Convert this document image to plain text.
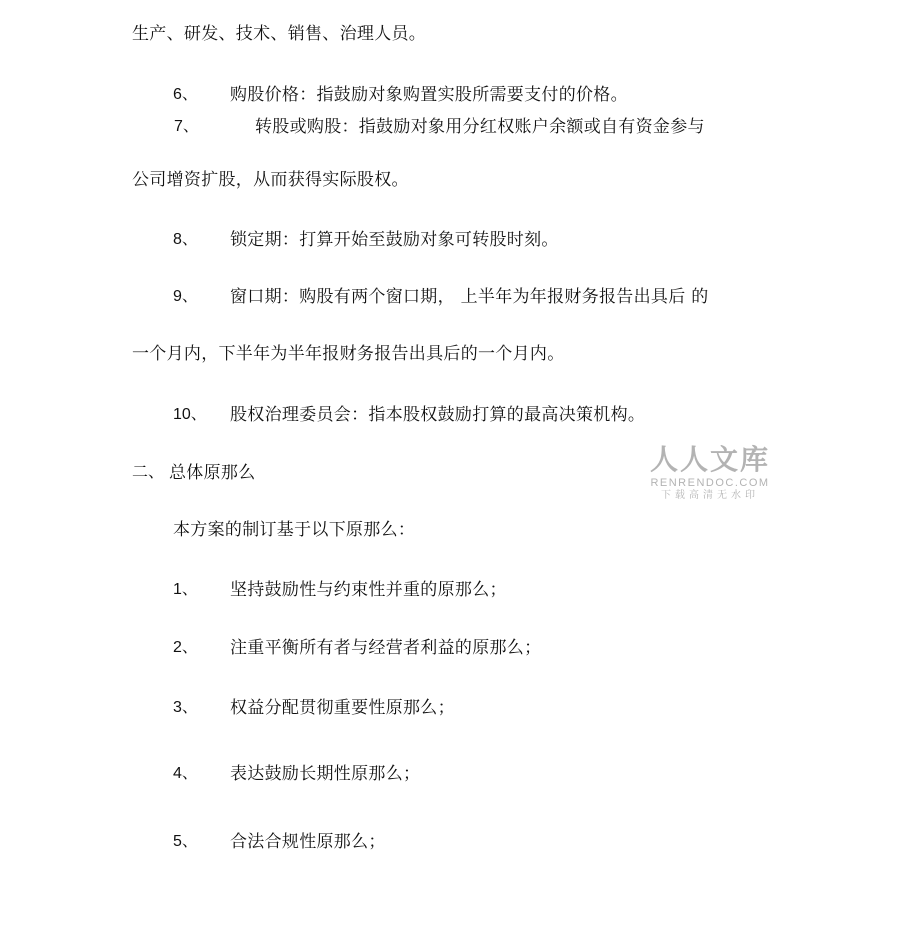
生产、研发、技术、销售、治理人员。
6、 购股价格：指鼓励对象购置实股所需要支付的价格。
7、	转股或购股：指鼓励对象用分红权账户余额或自有资金参与
公司增资扩股，从而获得实际股权。
8、 锁定期：打算开始至鼓励对象可转股时刻。
9、 窗口期：购股有两个窗口期， 上半年为年报财务报告出具后 的
一个月内，下半年为半年报财务报告出具后的一个月内。
10、 股权治理委员会：指本股权鼓励打算的最高决策机构。
二、 总体原那么
本方案的制订基于以下原那么：
1、 坚持鼓励性与约束性并重的原那么；
2、 注重平衡所有者与经营者利益的原那么；
3、 权益分配贯彻重要性原那么；
4、 表达鼓励长期性原那么；
5、 合法合规性原那么；
人人文库
RENRENDOC.COM
下载高清无水印
